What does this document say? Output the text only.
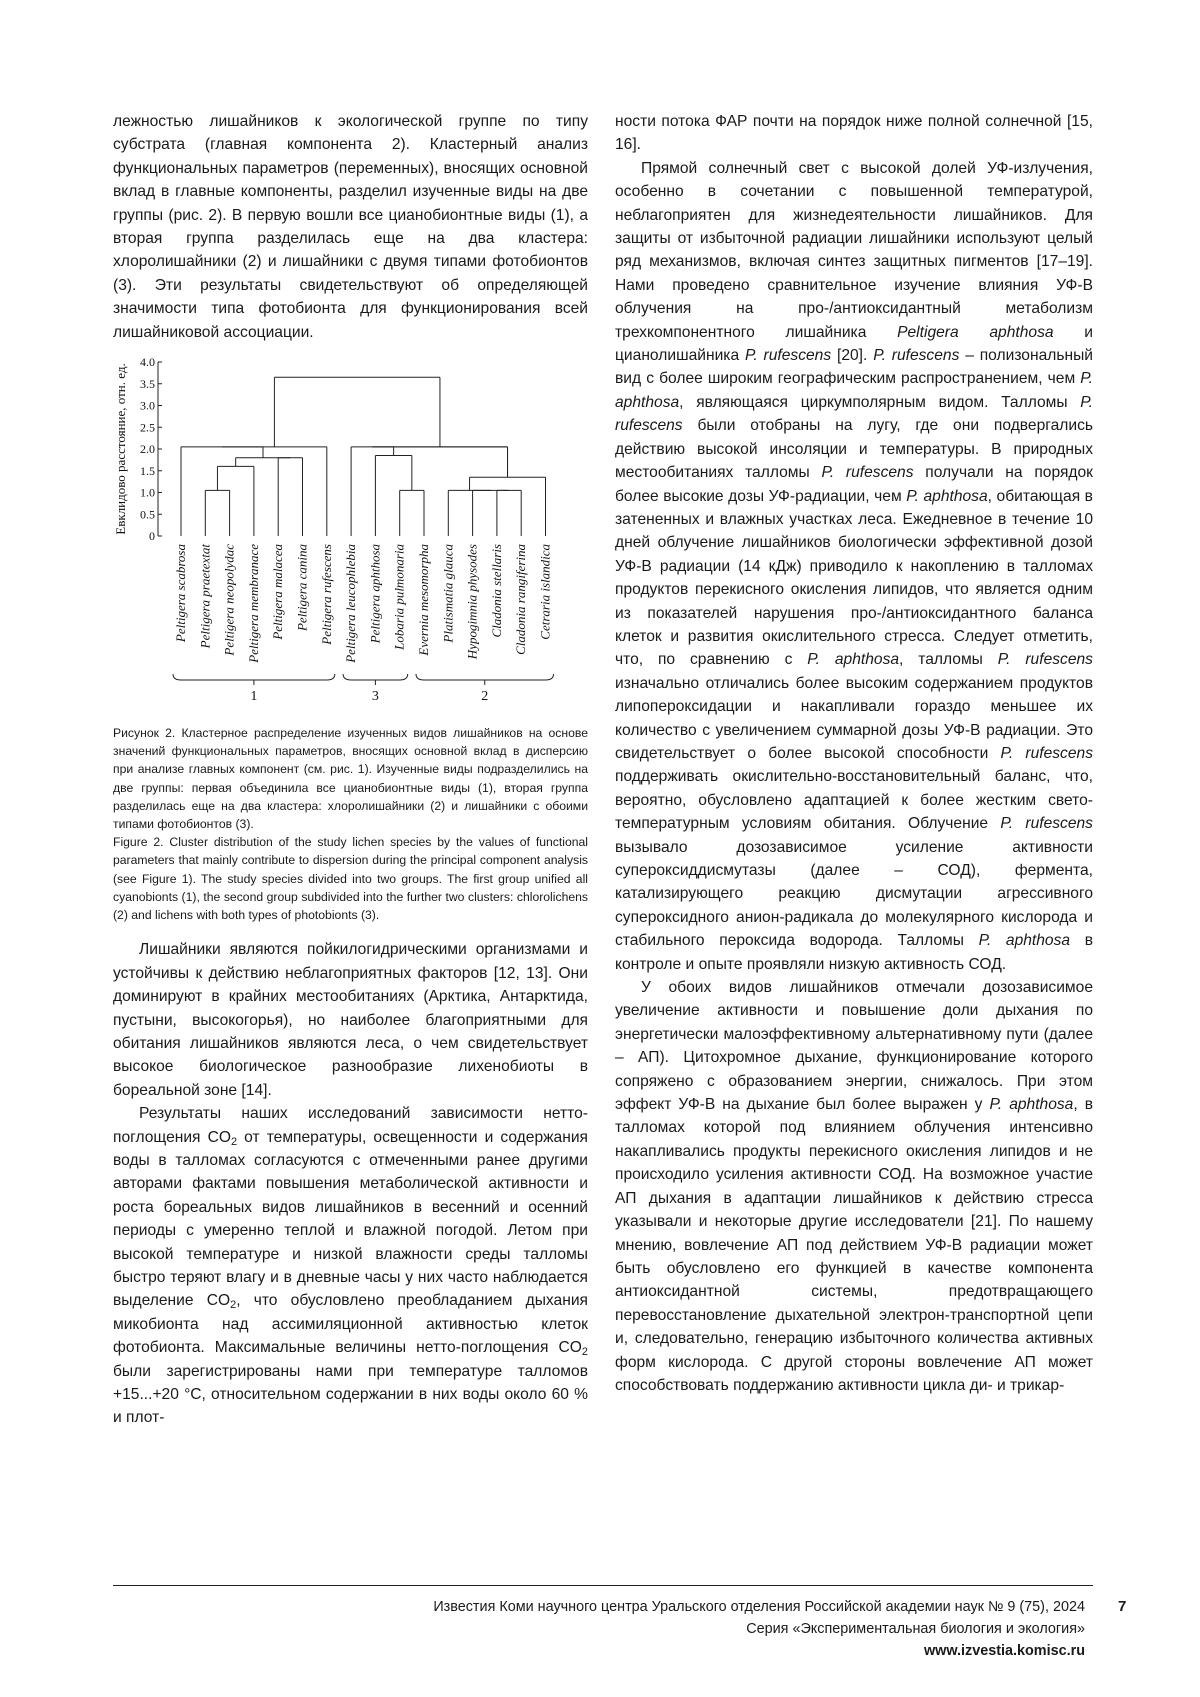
лежностью лишайников к экологической группе по типу субстрата (главная компонента 2). Кластерный анализ функциональных параметров (переменных), вносящих основной вклад в главные компоненты, разделил изученные виды на две группы (рис. 2). В первую вошли все цианобионтные виды (1), а вторая группа разделилась еще на два кластера: хлоролишайники (2) и лишайники с двумя типами фотобионтов (3). Эти результаты свидетельствуют об определяющей значимости типа фотобионта для функционирования всей лишайниковой ассоциации.

0
0.5
1.0
1.5
2.0
2.5
3.0
3.5
4.0
Евклидово расстояние, отн. ед.
Peltigera scabrosa Peltigera praetextat Peltigera neopolydac Peltigera membranace Peltigera malacea Peltigera canina Peltigera rufescens Peltigera leucophlebia Peltigera aphthosa Lobaria pulmonaria Evernia mesomorpha Platismatia glauca Hypogimnia physodes Cladonia stellaris Cladonia rangiferina Cetraria islandica
1	3	2

Рисунок 2. Кластерное распределение изученных видов лишайников на основе значений функциональных параметров, вносящих основной вклад в дисперсию при анализе главных компонент (см. рис. 1). Изученные виды подразделились на две группы: первая объединила все цианобионтные виды (1), вторая группа разделилась еще на два кластера: хлоролишайники (2) и лишайники с обоими типами фотобионтов (3).

Figure 2. Cluster distribution of the study lichen species by the values of functional parameters that mainly contribute to dispersion during the principal component analysis (see Figure 1). The study species divided into two groups. The first group unified all cyanobionts (1), the second group subdivided into the further two clusters: chlorolichens (2) and lichens with both types of photobionts (3).

Лишайники являются пойкилогидрическими организмами и устойчивы к действию неблагоприятных факторов [12, 13]. Они доминируют в крайних местообитаниях (Арктика, Антарктида, пустыни, высокогорья), но наиболее благоприятными для обитания лишайников являются леса, о чем свидетельствует высокое биологическое разнообразие лихенобиоты в бореальной зоне [14].

Результаты наших исследований зависимости нетто-поглощения $CO_2$ от температуры, освещенности и содержания воды в талломах согласуются с отмеченными ранее другими авторами фактами повышения метаболической активности и роста бореальных видов лишайников в весенний и осенний периоды с умеренно теплой и влажной погодой. Летом при высокой температуре и низкой влажности среды талломы быстро теряют влагу и в дневные часы у них часто наблюдается выделение $CO_2$, что обусловлено преобладанием дыхания микобионта над ассимиляционной активностью клеток фотобионта. Максимальные величины нетто-поглощения $CO_2$ были зарегистрированы нами при температуре талломов +15...+20 °C, относительном содержании в них воды около 60 % и плот-

ности потока ФАР почти на порядок ниже полной солнечной [15, 16].

Прямой солнечный свет с высокой долей УФ-излучения, особенно в сочетании с повышенной температурой, неблагоприятен для жизнедеятельности лишайников. Для защиты от избыточной радиации лишайники используют целый ряд механизмов, включая синтез защитных пигментов [17–19]. Нами проведено сравнительное изучение влияния УФ-В облучения на про-/антиоксидантный метаболизм трехкомпонентного лишайника Peltigera aphthosa и цианолишайника P. rufescens [20]. P. rufescens – полизональный вид с более широким географическим распространением, чем P. aphthosa, являющаяся циркумполярным видом. Талломы P. rufescens были отобраны на лугу, где они подвергались действию высокой инсоляции и температуры. В природных местообитаниях талломы P. rufescens получали на порядок более высокие дозы УФ-радиации, чем P. aphthosa, обитающая в затененных и влажных участках леса. Ежедневное в течение 10 дней облучение лишайников биологически эффективной дозой УФ-В радиации (14 кДж) приводило к накоплению в талломах продуктов перекисного окисления липидов, что является одним из показателей нарушения про-/антиоксидантного баланса клеток и развития окислительного стресса. Следует отметить, что, по сравнению с P. aphthosa, талломы P. rufescens изначально отличались более высоким содержанием продуктов липопероксидации и накапливали гораздо меньшее их количество с увеличением суммарной дозы УФ-В радиации. Это свидетельствует о более высокой способности P. rufescens поддерживать окислительно-восстановительный баланс, что, вероятно, обусловлено адаптацией к более жестким свето-температурным условиям обитания. Облучение P. rufescens вызывало дозозависимое усиление активности супероксиддисмутазы (далее – СОД), фермента, катализирующего реакцию дисмутации агрессивного супероксидного анион-радикала до молекулярного кислорода и стабильного пероксида водорода. Талломы P. aphthosa в контроле и опыте проявляли низкую активность СОД.

У обоих видов лишайников отмечали дозозависимое увеличение активности и повышение доли дыхания по энергетически малоэффективному альтернативному пути (далее – АП). Цитохромное дыхание, функционирование которого сопряжено с образованием энергии, снижалось. При этом эффект УФ-В на дыхание был более выражен у P. aphthosa, в талломах которой под влиянием облучения интенсивно накапливались продукты перекисного окисления липидов и не происходило усиления активности СОД. На возможное участие АП дыхания в адаптации лишайников к действию стресса указывали и некоторые другие исследователи [21]. По нашему мнению, вовлечение АП под действием УФ-В радиации может быть обусловлено его функцией в качестве компонента антиоксидантной системы, предотвращающего перевосстановление дыхательной электрон-транспортной цепи и, следовательно, генерацию избыточного количества активных форм кислорода. С другой стороны вовлечение АП может способствовать поддержанию активности цикла ди- и трикар-

Известия Коми научного центра Уральского отделения Российской академии наук № 9 (75), 2024
Серия «Экспериментальная биология и экология»
www.izvestia.komisc.ru
7
